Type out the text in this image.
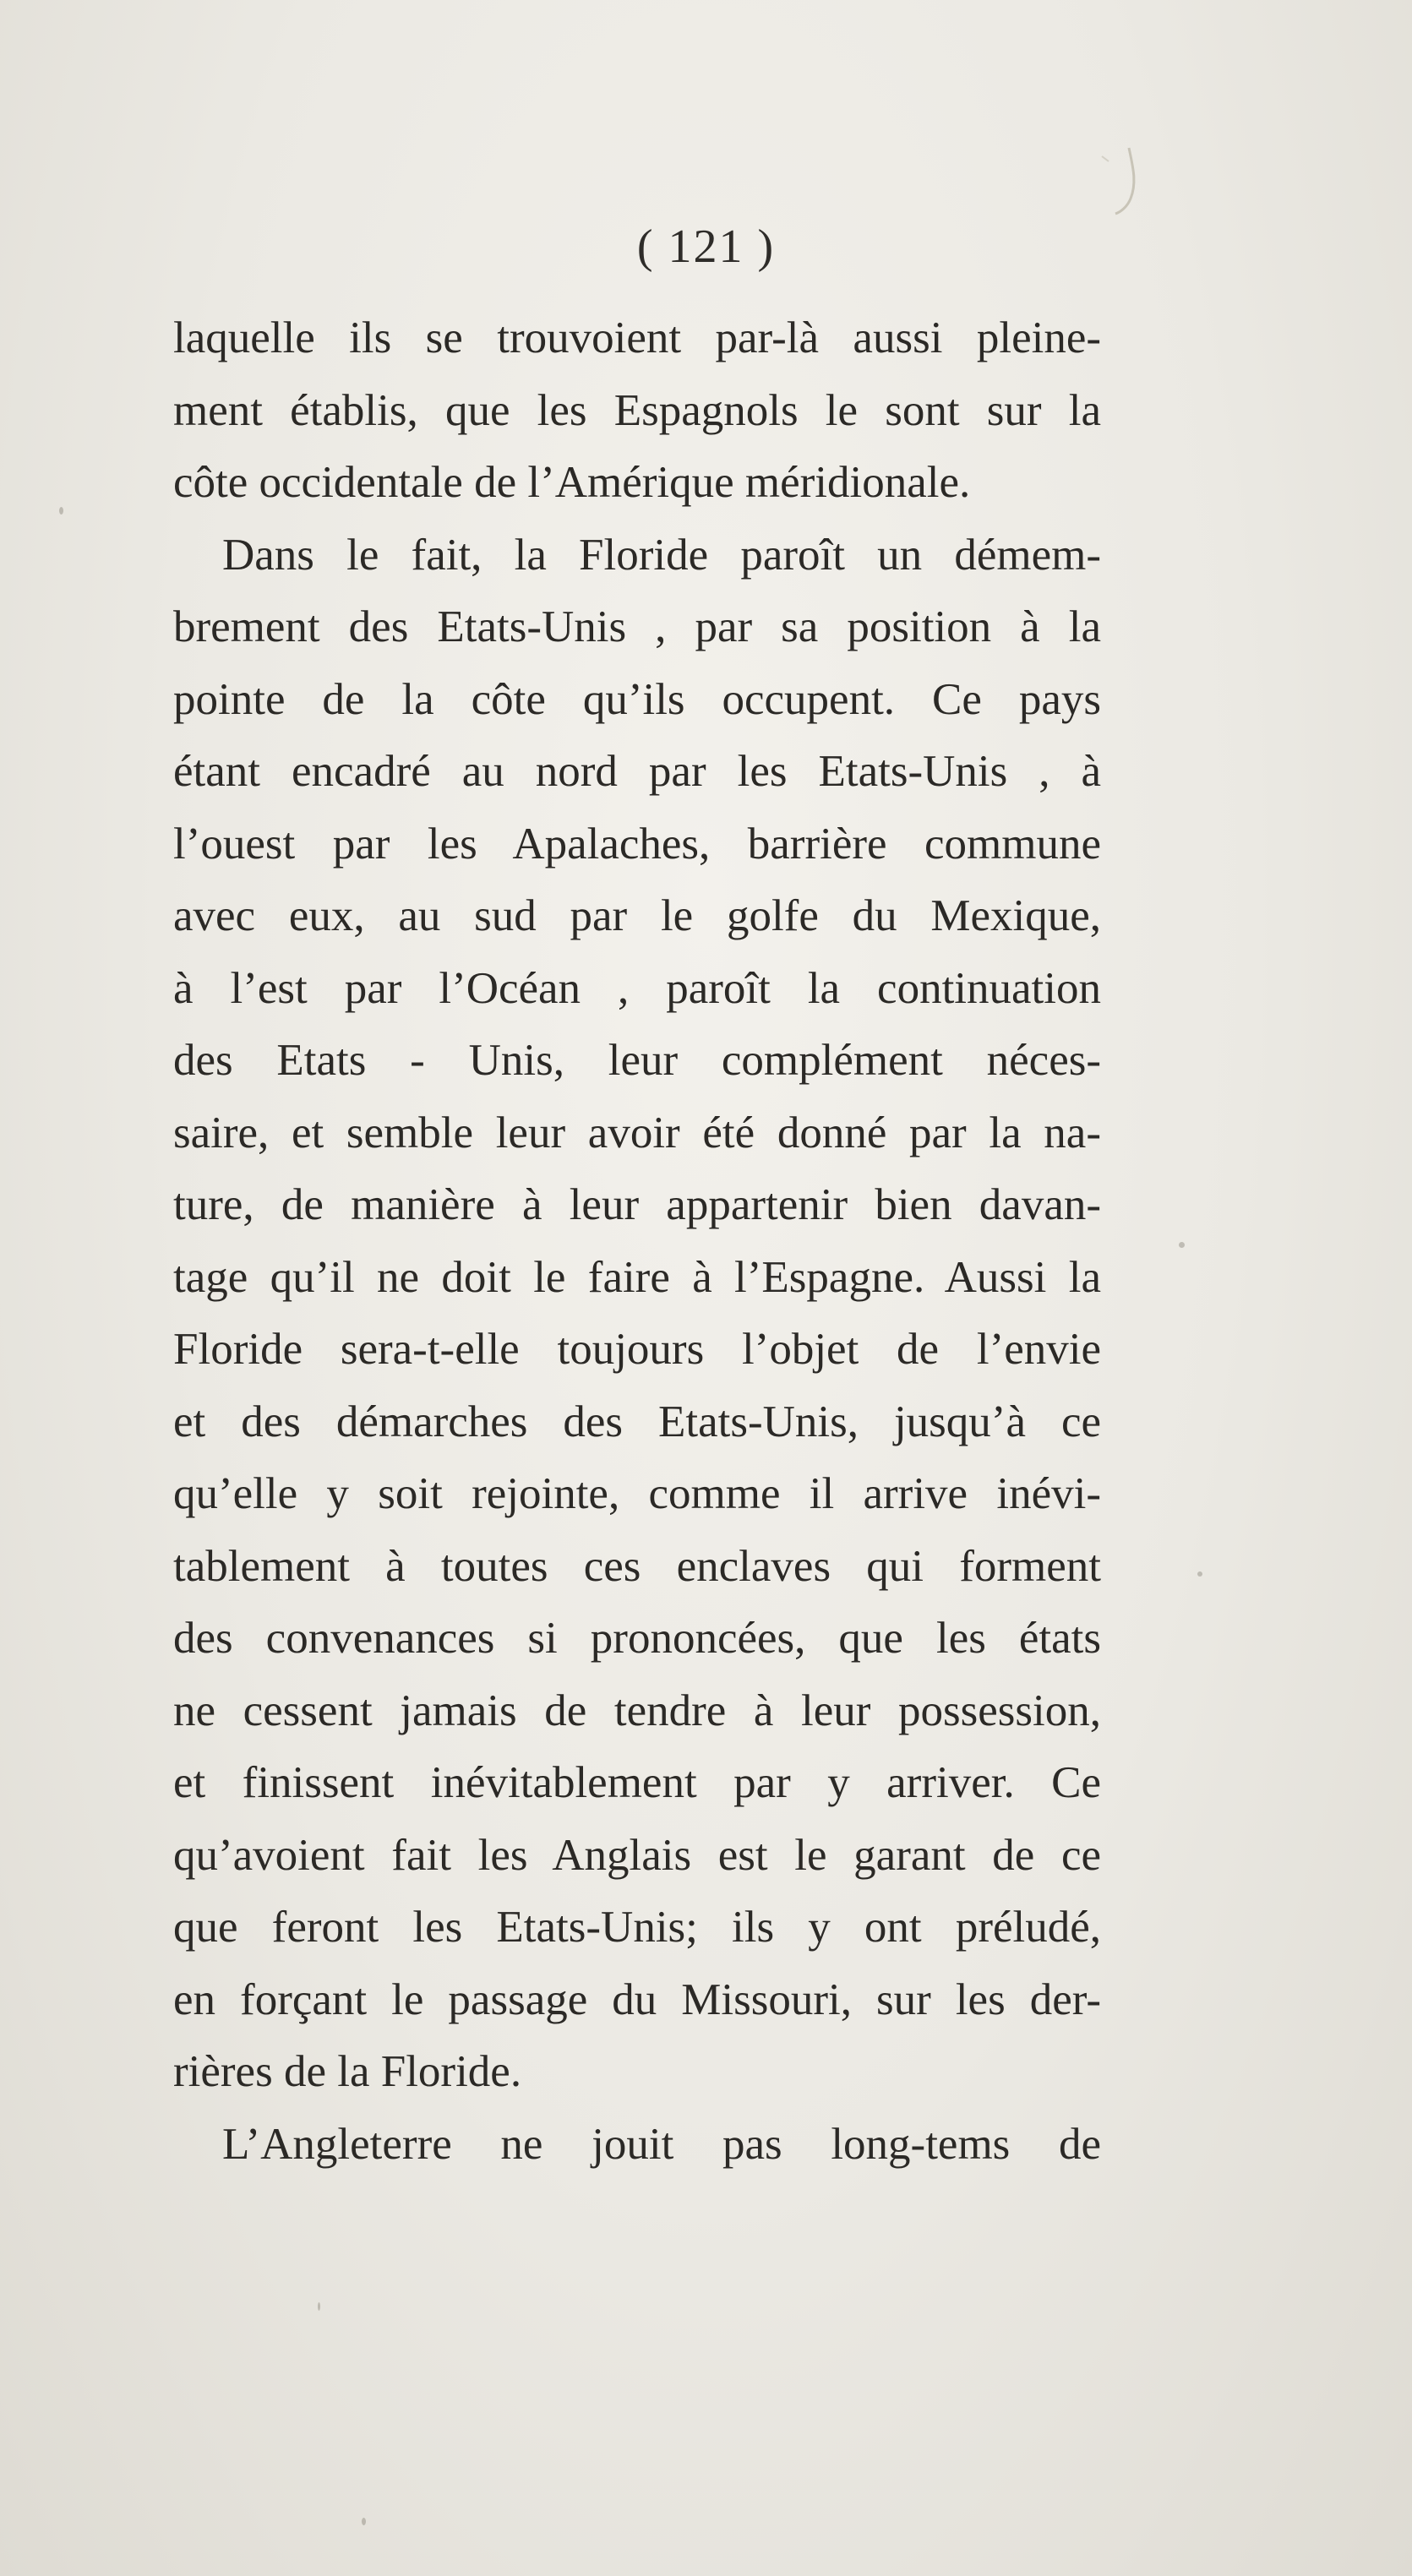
( 121 )
laquelle ils se trouvoient par-là aussi pleine-
ment établis, que les Espagnols le sont sur la
côte occidentale de l’Amérique méridionale.
Dans le fait, la Floride paroît un démem-
brement des Etats-Unis , par sa position à la
pointe de la côte qu’ils occupent. Ce pays
étant encadré au nord par les Etats-Unis , à
l’ouest par les Apalaches, barrière commune
avec eux, au sud par le golfe du Mexique,
à l’est par l’Océan , paroît la continuation
des Etats - Unis, leur complément néces-
saire, et semble leur avoir été donné par la na-
ture, de manière à leur appartenir bien davan-
tage qu’il ne doit le faire à l’Espagne. Aussi la
Floride sera-t-elle toujours l’objet de l’envie
et des démarches des Etats-Unis, jusqu’à ce
qu’elle y soit rejointe, comme il arrive inévi-
tablement à toutes ces enclaves qui forment
des convenances si prononcées, que les états
ne cessent jamais de tendre à leur possession,
et finissent inévitablement par y arriver. Ce
qu’avoient fait les Anglais est le garant de ce
que feront les Etats-Unis; ils y ont préludé,
en forçant le passage du Missouri, sur les der-
rières de la Floride.
L’Angleterre ne jouit pas long-tems de
